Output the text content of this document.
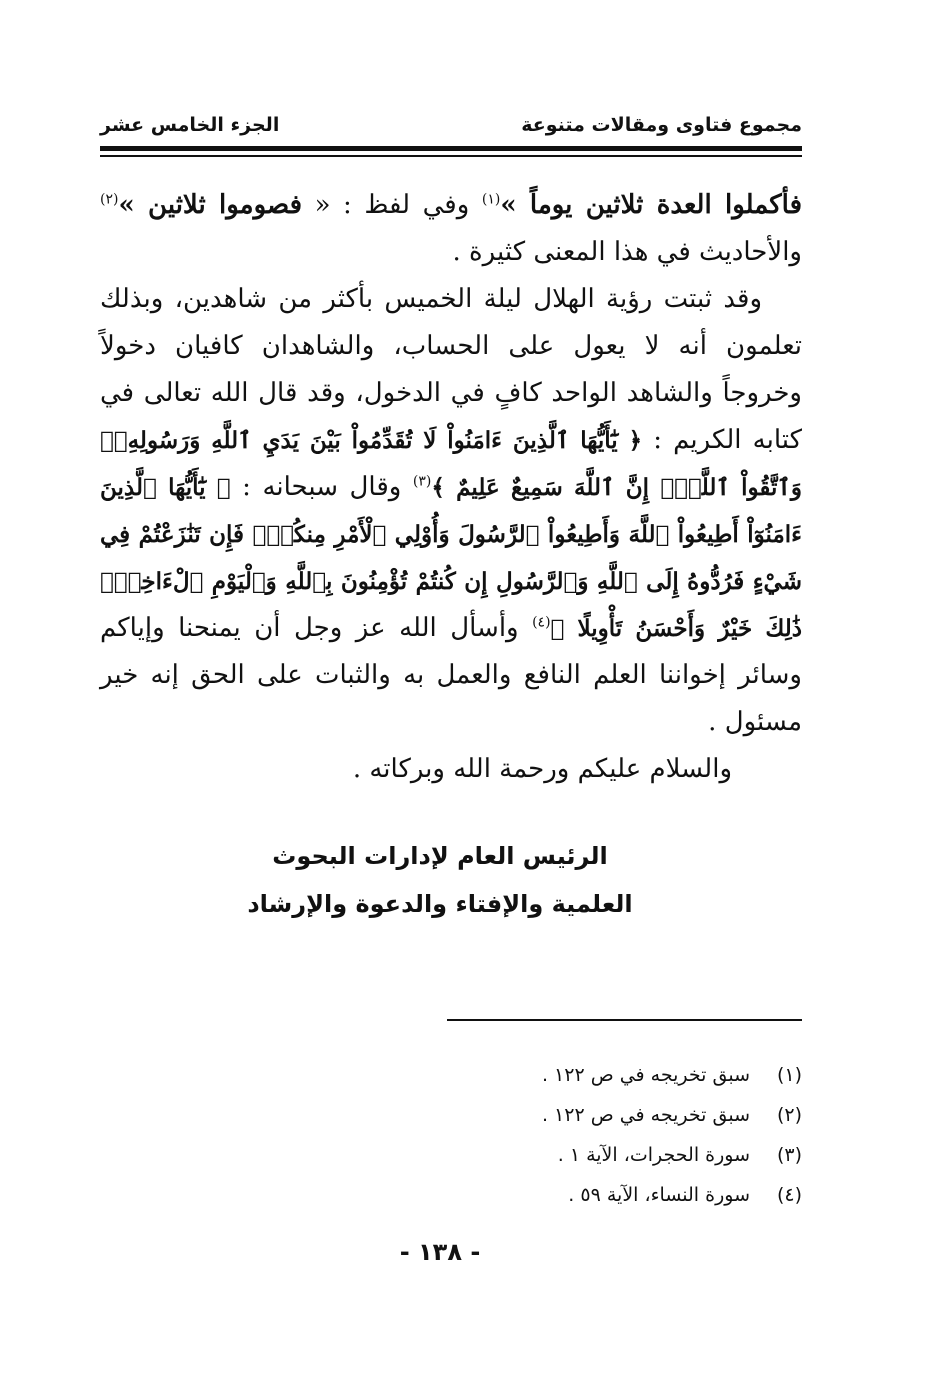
مجموع فتاوى ومقالات متنوعة
الجزء الخامس عشر

فأكملوا العدة ثلاثين يوماً »$^{(١)}$ وفي لفظ : « فصوموا ثلاثين »$^{(٢)}$ والأحاديث في هذا المعنى كثيرة .

وقد ثبتت رؤية الهلال ليلة الخميس بأكثر من شاهدين، وبذلك تعلمون أنه لا يعول على الحساب، والشاهدان كافيان دخولاً وخروجاً والشاهد الواحد كافٍ في الدخول، وقد قال الله تعالى في كتابه الكريم : ﴿ يَٰٓأَيُّهَا ٱلَّذِينَ ءَامَنُواْ لَا تُقَدِّمُواْ بَيْنَ يَدَيِ ٱللَّهِ وَرَسُولِهِۦۖ وَٱتَّقُواْ ٱللَّهَۚ إِنَّ ٱللَّهَ سَمِيعٌ عَلِيمٌ ﴾$^{(٣)}$ وقال سبحانه : ﴿ يَٰٓأَيُّهَا ٱلَّذِينَ ءَامَنُوٓاْ أَطِيعُواْ ٱللَّهَ وَأَطِيعُواْ ٱلرَّسُولَ وَأُوْلِي ٱلْأَمْرِ مِنكُمْۖ فَإِن تَنَٰزَعْتُمْ فِي شَيْءٍ فَرُدُّوهُ إِلَى ٱللَّهِ وَٱلرَّسُولِ إِن كُنتُمْ تُؤْمِنُونَ بِٱللَّهِ وَٱلْيَوْمِ ٱلْءَاخِرِۚ ذَٰلِكَ خَيْرٌ وَأَحْسَنُ تَأْوِيلًا ﴾$^{(٤)}$ وأسأل الله عز وجل أن يمنحنا وإياكم وسائر إخواننا العلم النافع والعمل به والثبات على الحق إنه خير مسئول .

والسلام عليكم ورحمة الله وبركاته .

الرئيس العام لإدارات البحوث
العلمية والإفتاء والدعوة والإرشاد
(١)
سبق تخريجه في ص ١٢٢ .
(٢)
سبق تخريجه في ص ١٢٢ .
(٣)
سورة الحجرات، الآية ١ .
(٤)
سورة النساء، الآية ٥٩ .
- ١٣٨ -
